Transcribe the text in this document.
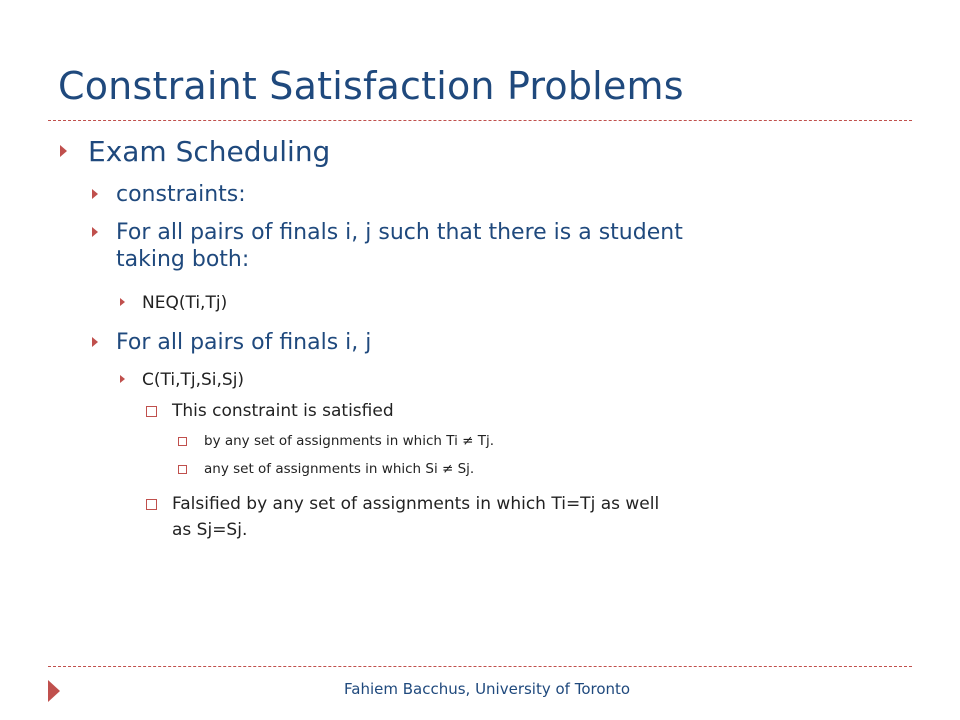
Constraint Satisfaction Problems
Exam Scheduling
constraints:
For all pairs of finals i, j such that there is a student
taking both:
NEQ(Ti,Tj)
For all pairs of finals i, j
C(Ti,Tj,Si,Sj)
This constraint is satisfied
by any set of assignments in which Ti ≠ Tj.
any set of assignments in which Si ≠ Sj.
Falsified by any set of assignments in which Ti=Tj as well
as Sj=Sj.
Fahiem Bacchus, University of Toronto
